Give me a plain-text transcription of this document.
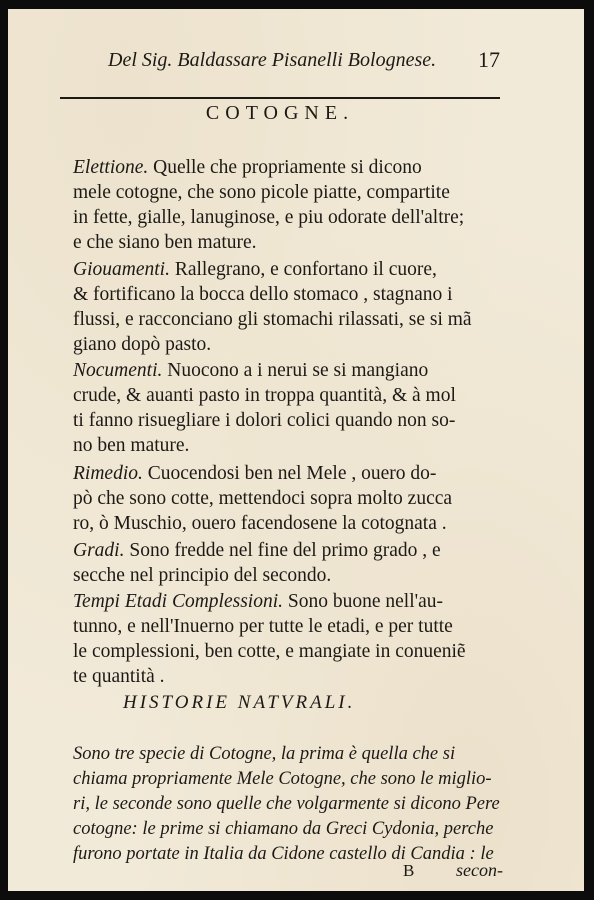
Del Sig. Baldassare Pisanelli Bolognese. 17
COTOGNE.
Elettione. Quelle che propriamente si dicono
mele cotogne, che sono picole piatte, compartite
in fette, gialle, lanuginose, e piu odorate dell'altre;
e che siano ben mature.
Giouamenti. Rallegrano, e confortano il cuore,
& fortificano la bocca dello stomaco , stagnano i
flussi, e racconciano gli stomachi rilassati, se si mã
giano dopò pasto.
Nocumenti. Nuocono a i nerui se si mangiano
crude, & auanti pasto in troppa quantità, & à mol
ti fanno risuegliare i dolori colici quando non so-
no ben mature.
Rimedio. Cuocendosi ben nel Mele , ouero do-
pò che sono cotte, mettendoci sopra molto zucca
ro, ò Muschio, ouero facendosene la cotognata .
Gradi. Sono fredde nel fine del primo grado , e
secche nel principio del secondo.
Tempi Etadi Complessioni. Sono buone nell'au-
tunno, e nell'Inuerno per tutte le etadi, e per tutte
le complessioni, ben cotte, e mangiate in conueniẽ
te quantità .
HISTORIE NATVRALI.
Sono tre specie di Cotogne, la prima è quella che si
chiama propriamente Mele Cotogne, che sono le miglio-
ri, le seconde sono quelle che volgarmente si dicono Pere
cotogne: le prime si chiamano da Greci Cydonia, perche
furono portate in Italia da Cidone castello di Candia : le
B secon-
